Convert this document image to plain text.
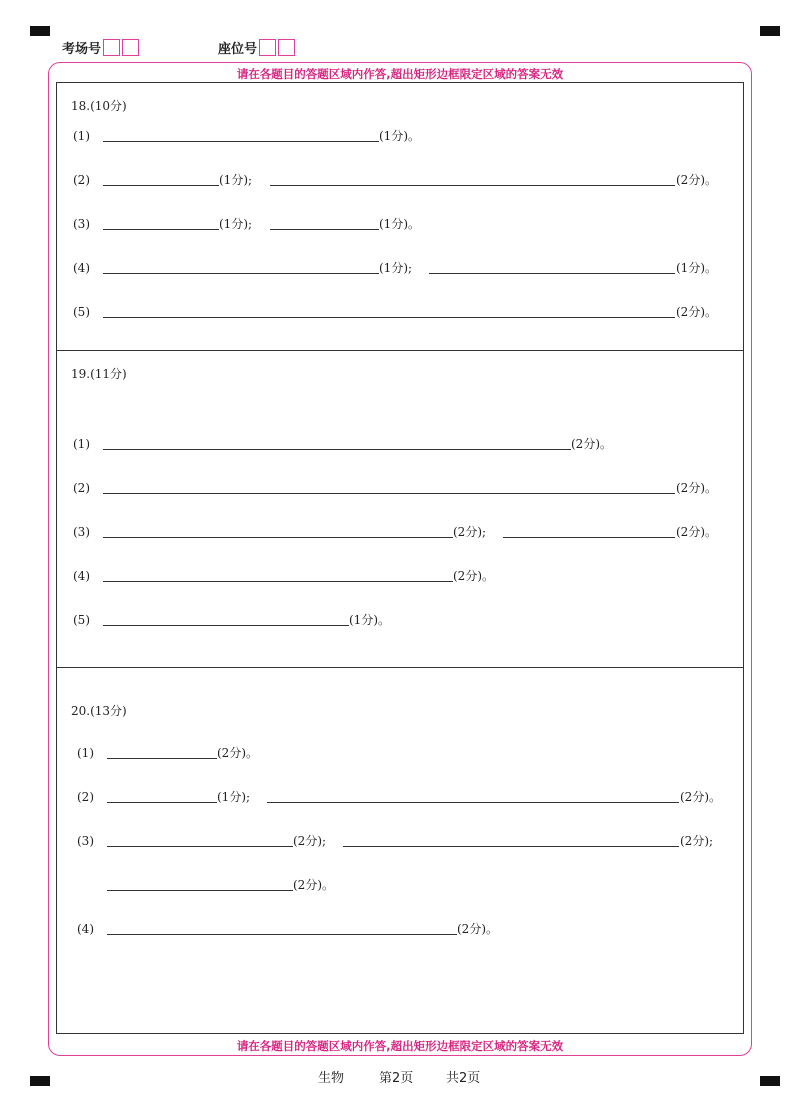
考场号	座位号
请在各题目的答题区域内作答,超出矩形边框限定区域的答案无效
请在各题目的答题区域内作答,超出矩形边框限定区域的答案无效
18.(10分)
(1)	(1分)。
(2)	(1分);	(2分)。
(3)	(1分);	(1分)。
(4)	(1分);	(1分)。
(5)	(2分)。
19.(11分)
(1)	(2分)。
(2)	(2分)。
(3)	(2分);	(2分)。
(4)	(2分)。
(5)	(1分)。
20.(13分)
(1)	(2分)。
(2)	(1分);	(2分)。
(3)	(2分);	(2分);
(2分)。
(4)	(2分)。
生物	第2页	共2页
